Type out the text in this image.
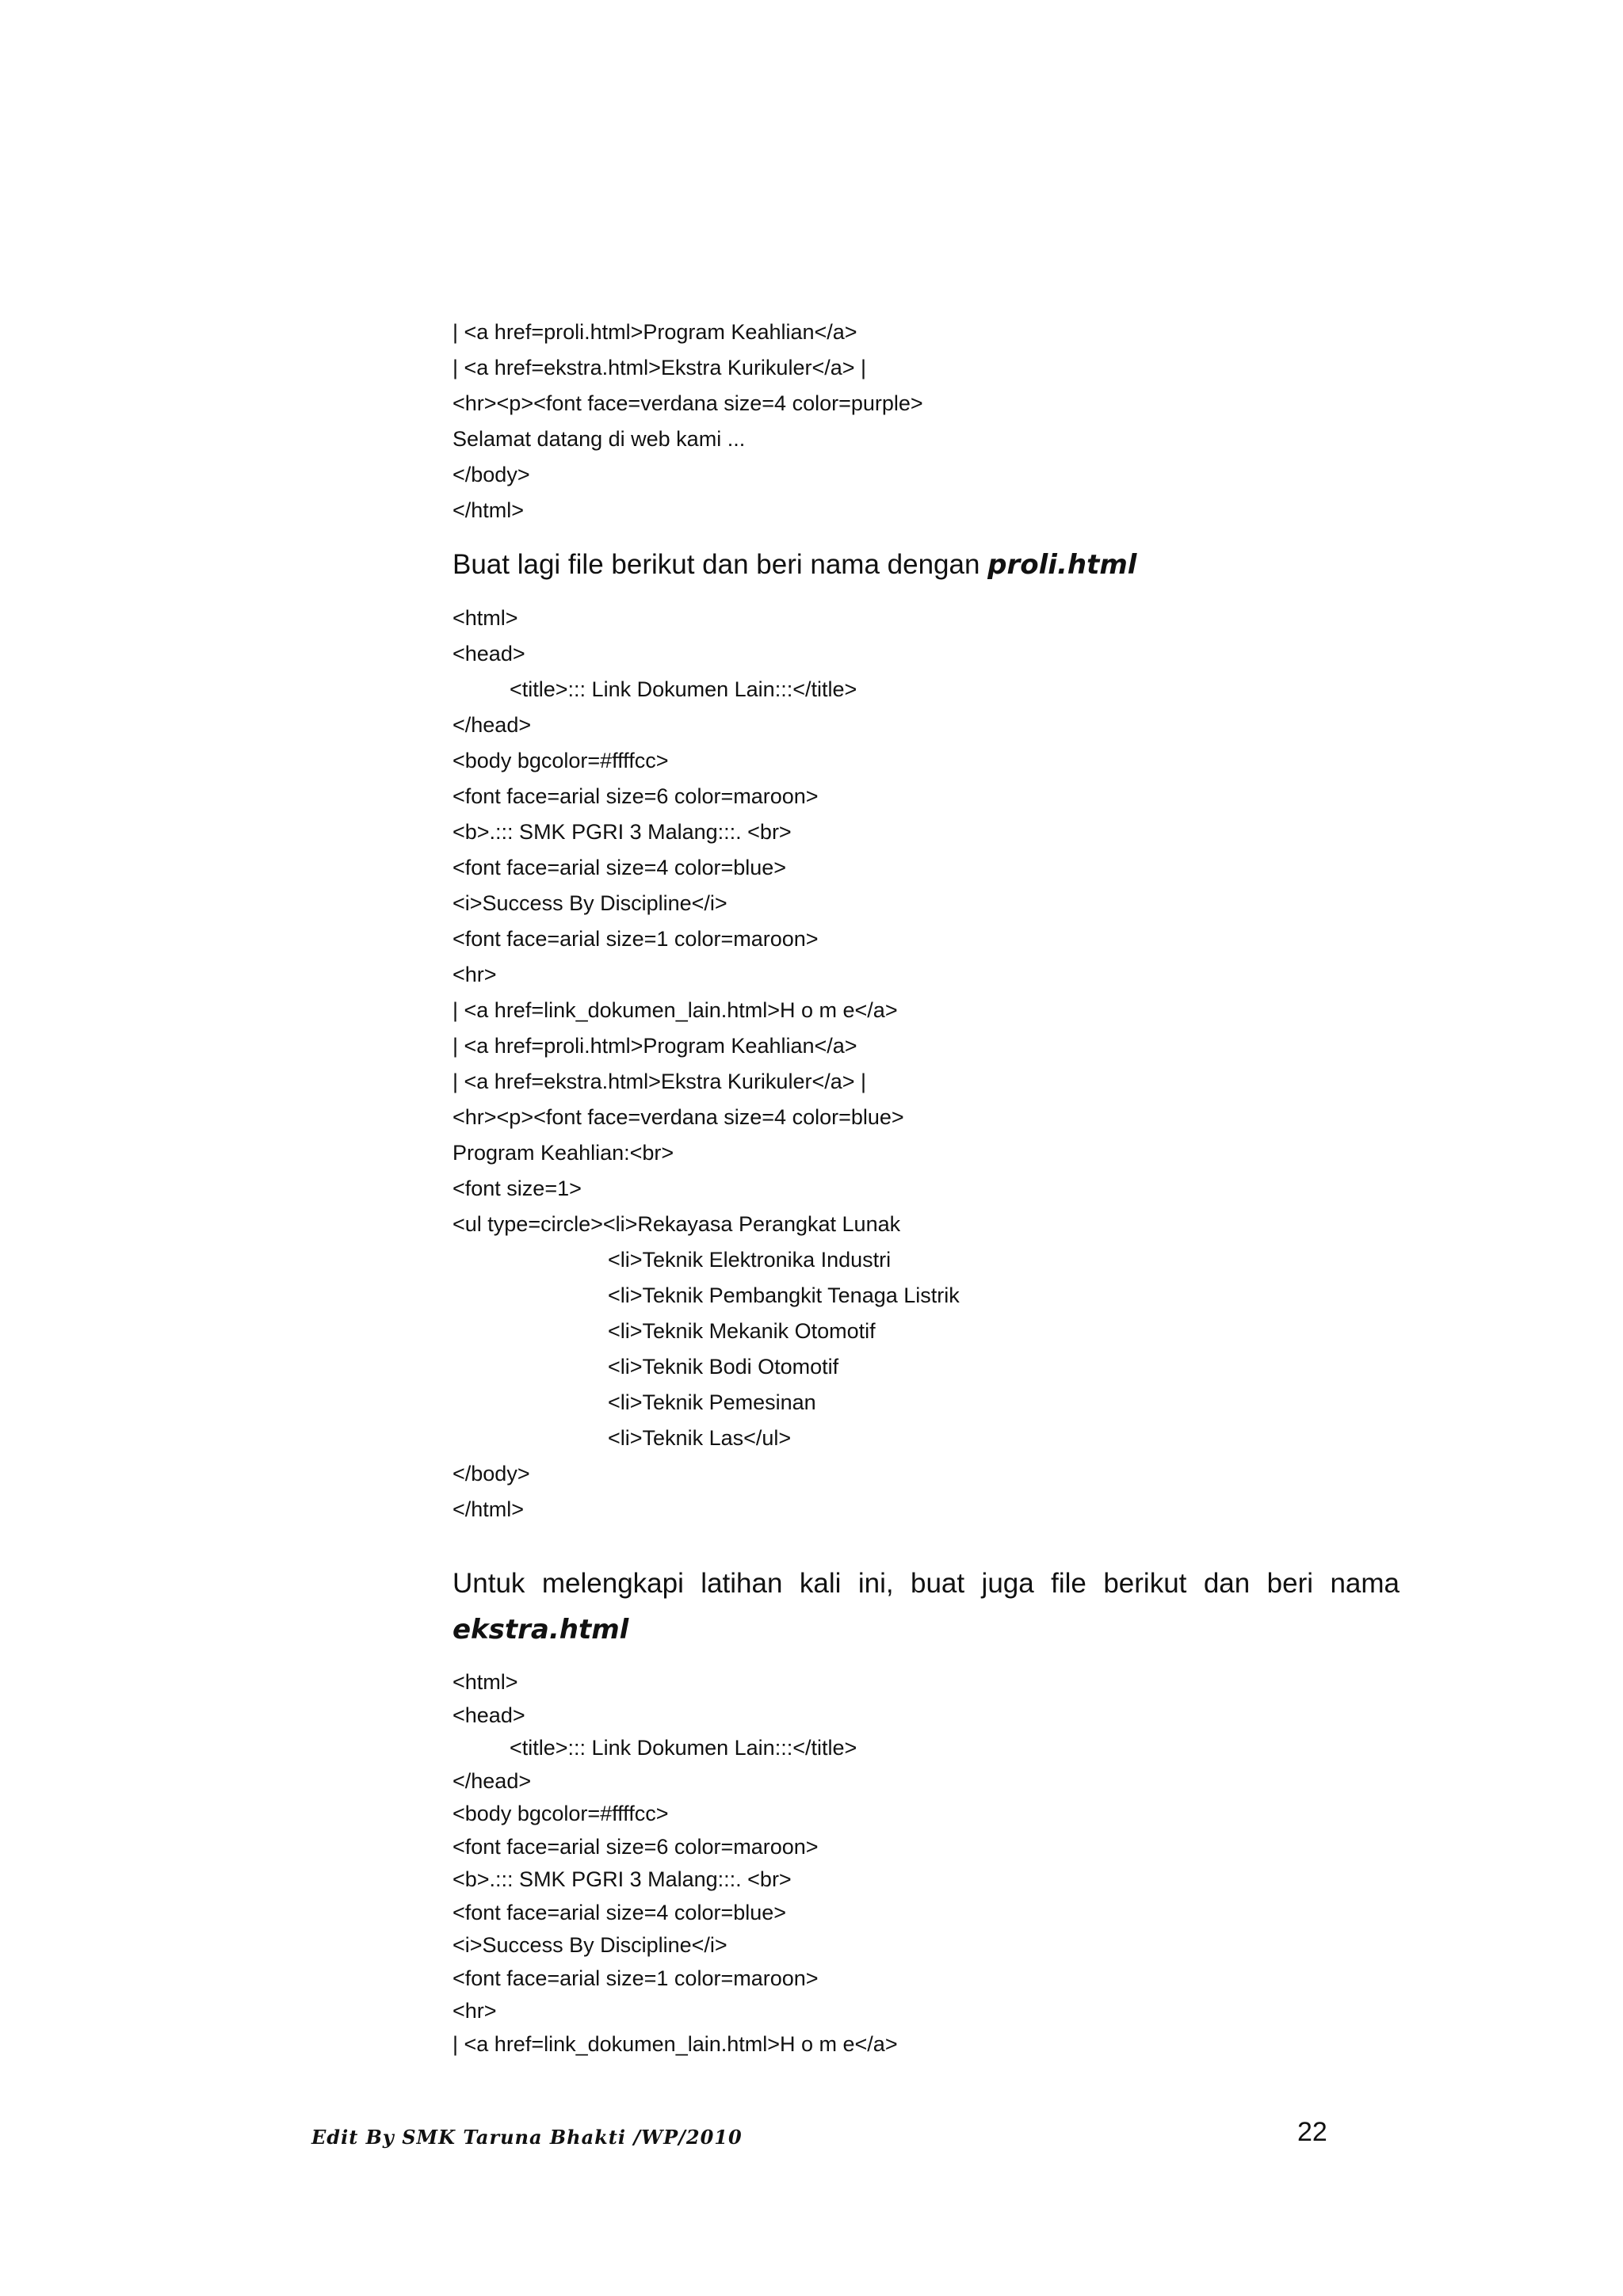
| <a href=proli.html>Program Keahlian</a>
| <a href=ekstra.html>Ekstra Kurikuler</a> |
<hr><p><font face=verdana size=4 color=purple>
Selamat datang di web kami ...
</body>
</html>
Buat lagi file berikut dan beri nama dengan proli.html
<html>
<head>
<title>::: Link Dokumen Lain:::</title>
</head>
<body bgcolor=#ffffcc>
<font face=arial size=6 color=maroon>
<b>.::: SMK PGRI 3 Malang:::. <br>
<font face=arial size=4 color=blue>
<i>Success By Discipline</i>
<font face=arial size=1 color=maroon>
<hr>
| <a href=link_dokumen_lain.html>H o m e</a>
| <a href=proli.html>Program Keahlian</a>
| <a href=ekstra.html>Ekstra Kurikuler</a> |
<hr><p><font face=verdana size=4 color=blue>
Program Keahlian:<br>
<font size=1>
<ul type=circle><li>Rekayasa Perangkat Lunak
<li>Teknik Elektronika Industri
<li>Teknik Pembangkit Tenaga Listrik
<li>Teknik Mekanik Otomotif
<li>Teknik Bodi Otomotif
<li>Teknik Pemesinan
<li>Teknik Las</ul>
</body>
</html>
Untuk melengkapi latihan kali ini, buat juga file berikut dan beri nama
ekstra.html
<html>
<head>
<title>::: Link Dokumen Lain:::</title>
</head>
<body bgcolor=#ffffcc>
<font face=arial size=6 color=maroon>
<b>.::: SMK PGRI 3 Malang:::. <br>
<font face=arial size=4 color=blue>
<i>Success By Discipline</i>
<font face=arial size=1 color=maroon>
<hr>
| <a href=link_dokumen_lain.html>H o m e</a>
Edit By SMK Taruna Bhakti /WP/2010	22
